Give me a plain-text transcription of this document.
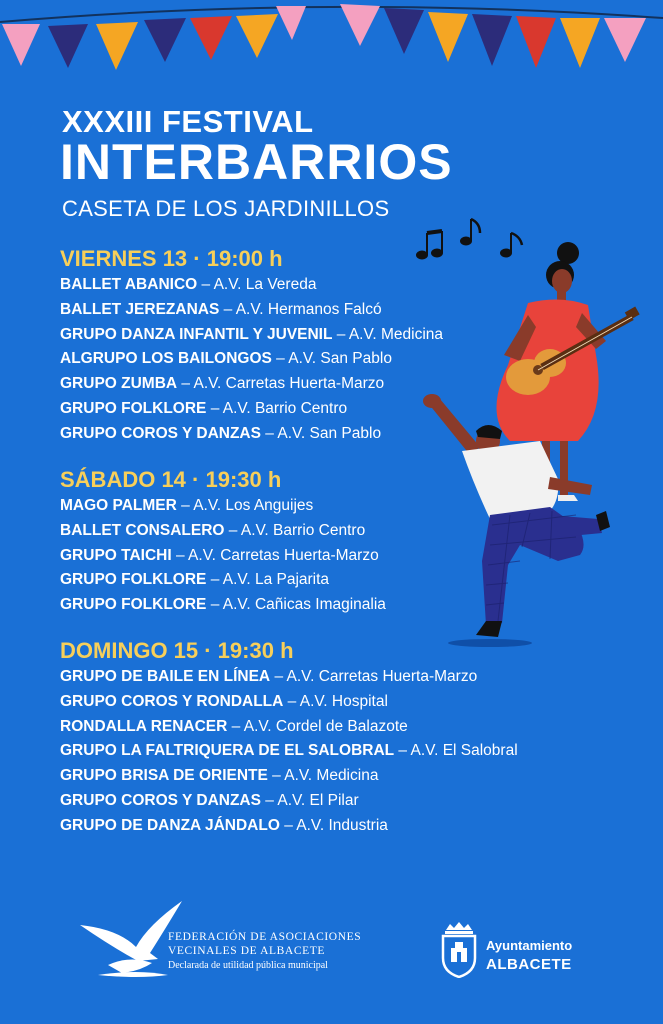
XXXIII FESTIVAL
INTERBARRIOS
CASETA DE LOS JARDINILLOS
VIERNES 13 · 19:00 h
BALLET ABANICO – A.V. La Vereda
BALLET JEREZANAS – A.V. Hermanos Falcó
GRUPO DANZA INFANTIL Y JUVENIL – A.V. Medicina
ALGRUPO LOS BAILONGOS – A.V. San Pablo
GRUPO ZUMBA – A.V. Carretas Huerta-Marzo
GRUPO FOLKLORE – A.V. Barrio Centro
GRUPO COROS Y DANZAS – A.V. San Pablo
SÁBADO 14 · 19:30 h
MAGO PALMER – A.V. Los Anguijes
BALLET CONSALERO – A.V. Barrio Centro
GRUPO TAICHI – A.V. Carretas Huerta-Marzo
GRUPO FOLKLORE – A.V. La Pajarita
GRUPO FOLKLORE – A.V. Cañicas Imaginalia
DOMINGO 15 · 19:30 h
GRUPO DE BAILE EN LÍNEA – A.V. Carretas Huerta-Marzo
GRUPO COROS Y RONDALLA – A.V. Hospital
RONDALLA RENACER – A.V. Cordel de Balazote
GRUPO LA FALTRIQUERA DE EL SALOBRAL – A.V. El Salobral
GRUPO BRISA DE ORIENTE – A.V. Medicina
GRUPO COROS Y DANZAS – A.V. El Pilar
GRUPO DE DANZA JÁNDALO – A.V. Industria
FEDERACIÓN DE ASOCIACIONES
VECINALES DE ALBACETE
Declarada de utilidad pública municipal
Ayuntamiento
ALBACETE
